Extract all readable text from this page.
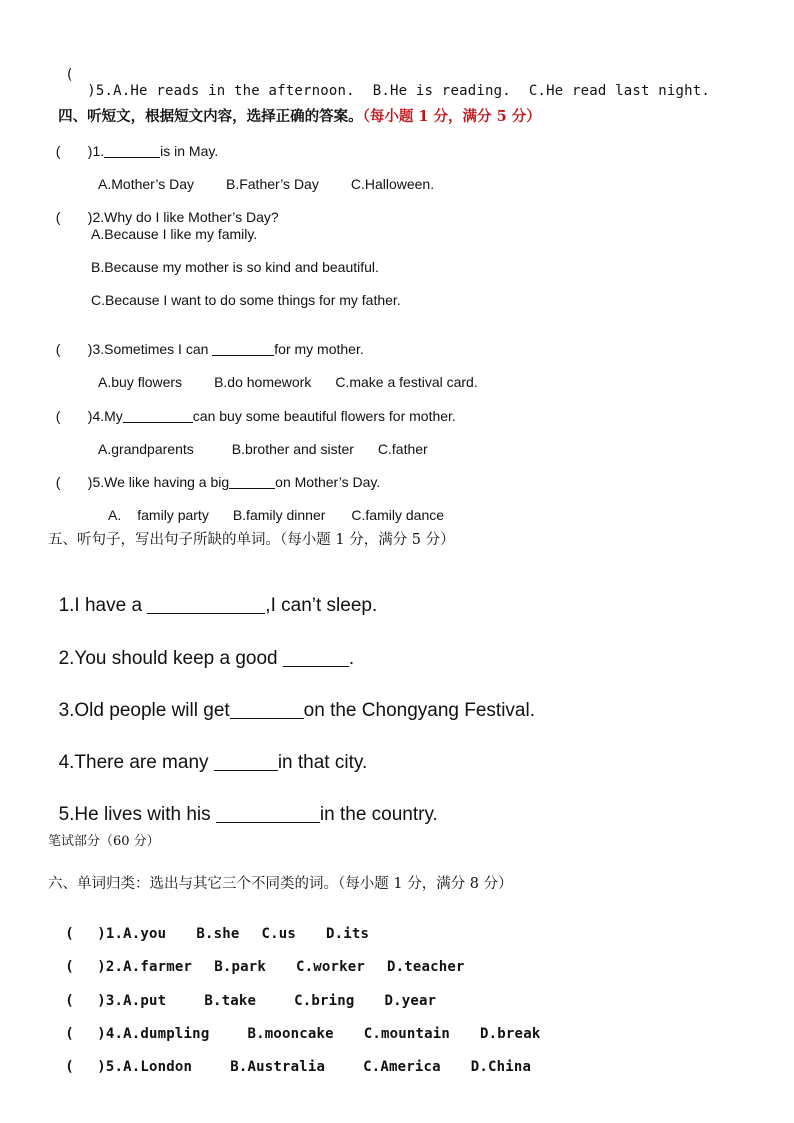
(
)5.A.He reads in the afternoon. B.He is reading. C.He read last night.

四、听短文，根据短文内容，选择正确的答案。（每小题 1 分，满分 5 分）

( )1.	is in May.

A.Mother’s Day B.Father’s Day C.Halloween.

( )2.Why do I like Mother’s Day?

A.Because I like my family.
B.Because my mother is so kind and beautiful.
C.Because I want to do some things for my father.

( )3.Sometimes I can	for my mother.

A.buy flowers B.do homework C.make a festival card.

( )4.My	can buy some beautiful flowers for mother.

A.grandparents	B.brother and sister C.father

( )5.We like having a big	on Mother’s Day.

A. family party B.family dinner C.family dance

五、听句子，写出句子所缺的单词。（每小题 1 分，满分 5 分）

1.I have a	,I can’t sleep.

2.You should keep a good	.

3.Old people will get	on the Chongyang Festival.

4.There are many	in that city.

5.He lives with his	in the country.

笔试部分（60 分）
六、单词归类：选出与其它三个不同类的词。（每小题 1 分，满分 8 分）

( )1.A.you B.she C.us D.its

( )2.A.farmer B.park C.worker D.teacher

( )3.A.put	B.take	C.bring D.year

( )4.A.dumpling	B.mooncake C.mountain D.break

( )5.A.London	B.Australia	C.America D.China
